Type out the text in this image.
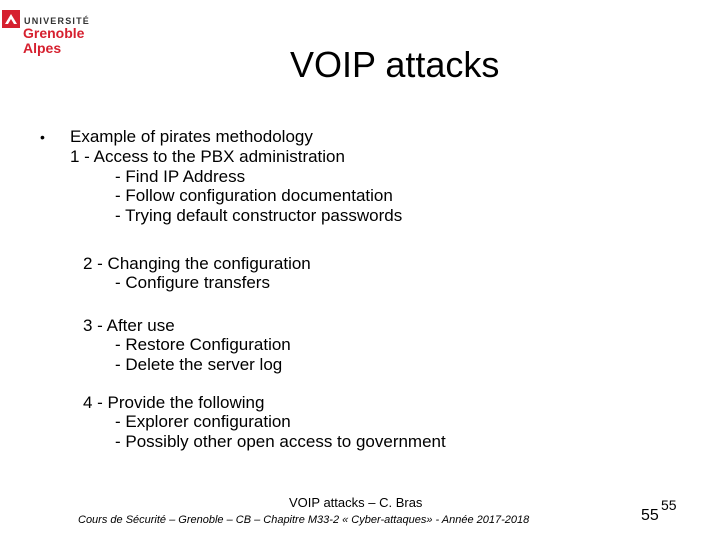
UNIVERSITÉ
Grenoble
Alpes	VOIP attacks
• Example of pirates methodology
1 - Access to the PBX administration
- Find IP Address
- Follow configuration documentation
- Trying default constructor passwords
2 - Changing the configuration
- Configure transfers
3 - After use
- Restore Configuration
- Delete the server log
4 - Provide the following
- Explorer configuration
- Possibly other open access to government
VOIP attacks – C. Bras
Cours de Sécurité – Grenoble – CB – Chapitre M33-2 « Cyber-attaques» - Année 2017-2018
55
55
